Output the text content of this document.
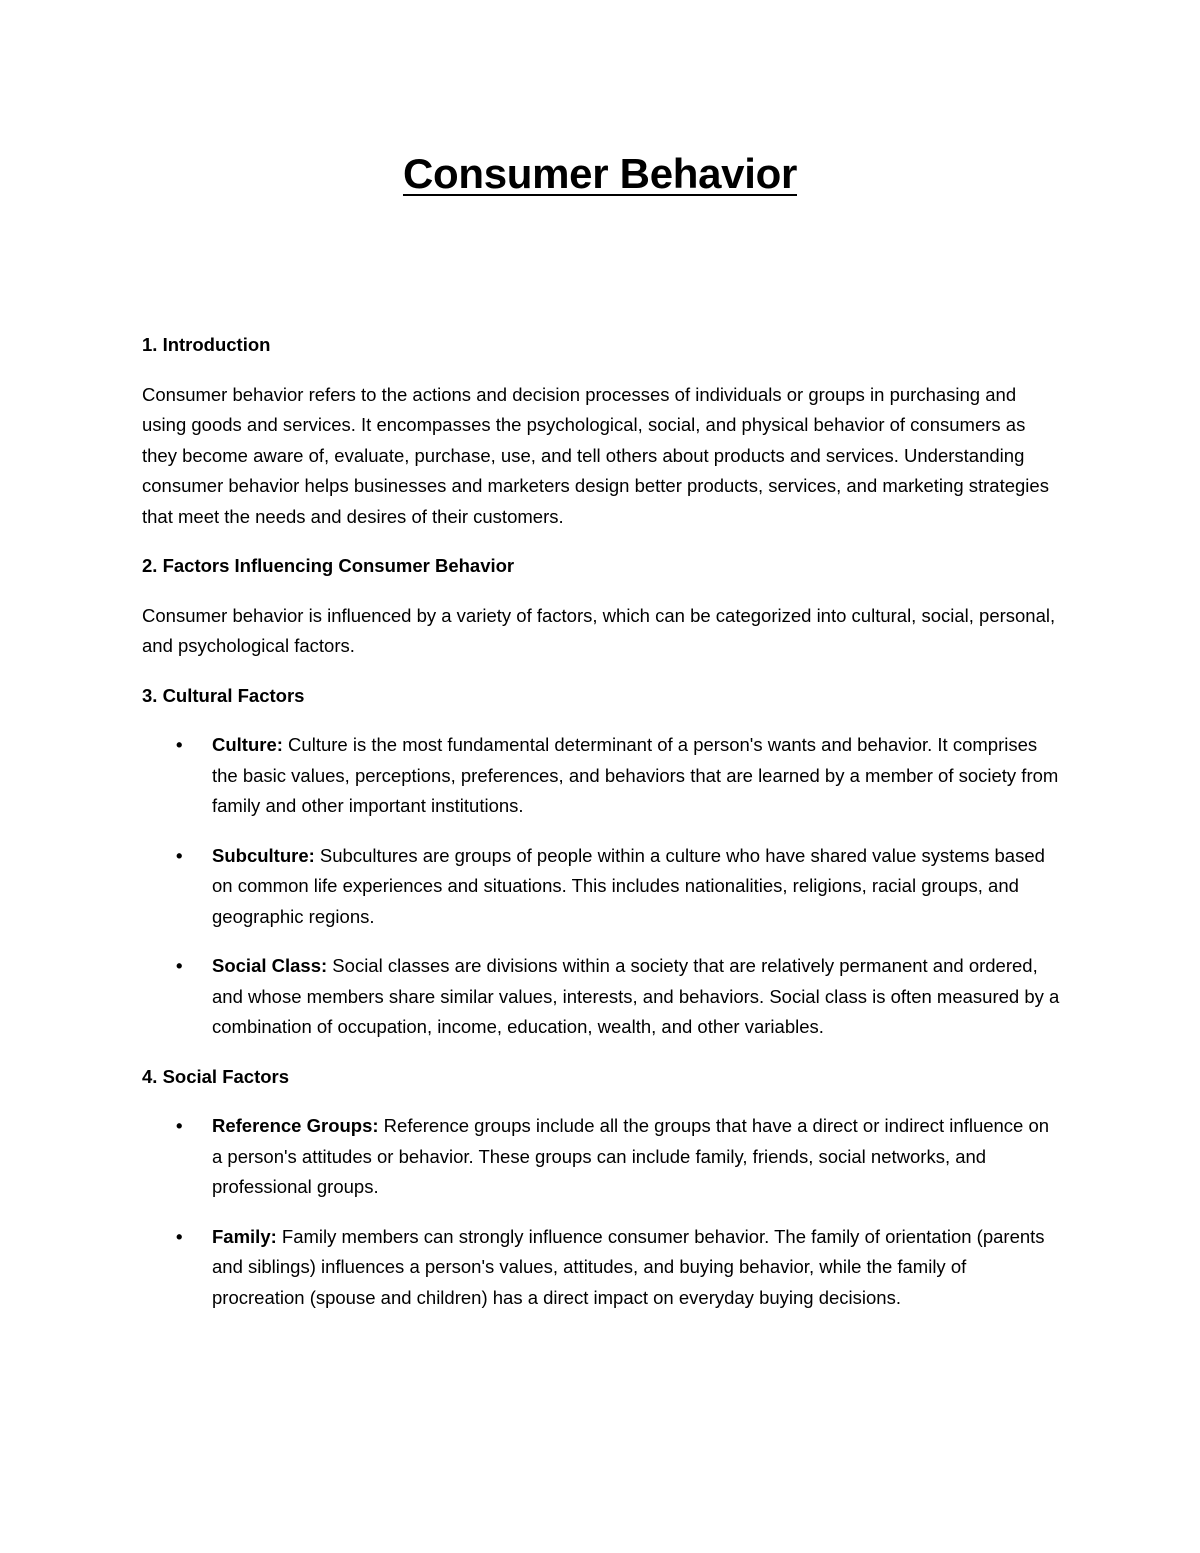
Consumer Behavior
1. Introduction
Consumer behavior refers to the actions and decision processes of individuals or groups in purchasing and using goods and services. It encompasses the psychological, social, and physical behavior of consumers as they become aware of, evaluate, purchase, use, and tell others about products and services. Understanding consumer behavior helps businesses and marketers design better products, services, and marketing strategies that meet the needs and desires of their customers.
2. Factors Influencing Consumer Behavior
Consumer behavior is influenced by a variety of factors, which can be categorized into cultural, social, personal, and psychological factors.
3. Cultural Factors
• Culture: Culture is the most fundamental determinant of a person's wants and behavior. It comprises the basic values, perceptions, preferences, and behaviors that are learned by a member of society from family and other important institutions.
• Subculture: Subcultures are groups of people within a culture who have shared value systems based on common life experiences and situations. This includes nationalities, religions, racial groups, and geographic regions.
• Social Class: Social classes are divisions within a society that are relatively permanent and ordered, and whose members share similar values, interests, and behaviors. Social class is often measured by a combination of occupation, income, education, wealth, and other variables.
4. Social Factors
• Reference Groups: Reference groups include all the groups that have a direct or indirect influence on a person's attitudes or behavior. These groups can include family, friends, social networks, and professional groups.
• Family: Family members can strongly influence consumer behavior. The family of orientation (parents and siblings) influences a person's values, attitudes, and buying behavior, while the family of procreation (spouse and children) has a direct impact on everyday buying decisions.
